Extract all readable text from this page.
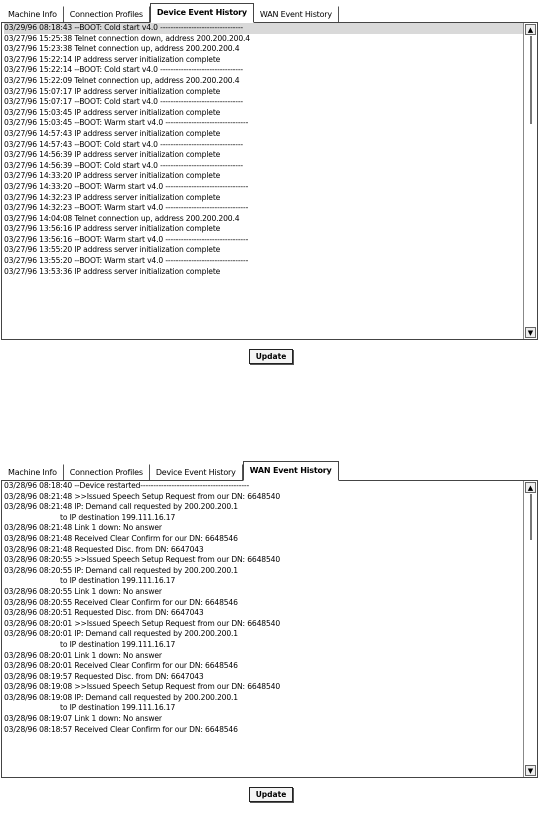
Machine Info	Connection Profiles	Device Event History	WAN Event History
03/29/96 08:18:43 --BOOT: Cold start v4.0 --------------------------------
03/27/96 15:25:38 Telnet connection down, address 200.200.200.4
03/27/96 15:23:38 Telnet connection up, address 200.200.200.4
03/27/96 15:22:14 IP address server initialization complete
03/27/96 15:22:14 --BOOT: Cold start v4.0 --------------------------------
03/27/96 15:22:09 Telnet connection up, address 200.200.200.4
03/27/96 15:07:17 IP address server initialization complete
03/27/96 15:07:17 --BOOT: Cold start v4.0 --------------------------------
03/27/96 15:03:45 IP address server initialization complete
03/27/96 15:03:45 --BOOT: Warm start v4.0 --------------------------------
03/27/96 14:57:43 IP address server initialization complete
03/27/96 14:57:43 --BOOT: Cold start v4.0 --------------------------------
03/27/96 14:56:39 IP address server initialization complete
03/27/96 14:56:39 --BOOT: Cold start v4.0 --------------------------------
03/27/96 14:33:20 IP address server initialization complete
03/27/96 14:33:20 --BOOT: Warm start v4.0 --------------------------------
03/27/96 14:32:23 IP address server initialization complete
03/27/96 14:32:23 --BOOT: Warm start v4.0 --------------------------------
03/27/96 14:04:08 Telnet connection up, address 200.200.200.4
03/27/96 13:56:16 IP address server initialization complete
03/27/96 13:56:16 --BOOT: Warm start v4.0 --------------------------------
03/27/96 13:55:20 IP address server initialization complete
03/27/96 13:55:20 --BOOT: Warm start v4.0 --------------------------------
03/27/96 13:53:36 IP address server initialization complete
▲
▼
Update
Machine Info	Connection Profiles	Device Event History	WAN Event History
03/28/96 08:18:40 --Device restarted------------------------------------------
03/28/96 08:21:48 >>Issued Speech Setup Request from our DN: 6648540
03/28/96 08:21:48 IP: Demand call requested by 200.200.200.1
to IP destination 199.111.16.17
03/28/96 08:21:48 Link 1 down: No answer
03/28/96 08:21:48 Received Clear Confirm for our DN: 6648546
03/28/96 08:21:48 Requested Disc. from DN: 6647043
03/28/96 08:20:55 >>Issued Speech Setup Request from our DN: 6648540
03/28/96 08:20:55 IP: Demand call requested by 200.200.200.1
to IP destination 199.111.16.17
03/28/96 08:20:55 Link 1 down: No answer
03/28/96 08:20:55 Received Clear Confirm for our DN: 6648546
03/28/96 08:20:51 Requested Disc. from DN: 6647043
03/28/96 08:20:01 >>Issued Speech Setup Request from our DN: 6648540
03/28/96 08:20:01 IP: Demand call requested by 200.200.200.1
to IP destination 199.111.16.17
03/28/96 08:20:01 Link 1 down: No answer
03/28/96 08:20:01 Received Clear Confirm for our DN: 6648546
03/28/96 08:19:57 Requested Disc. from DN: 6647043
03/28/96 08:19:08 >>Issued Speech Setup Request from our DN: 6648540
03/28/96 08:19:08 IP: Demand call requested by 200.200.200.1
to IP destination 199.111.16.17
03/28/96 08:19:07 Link 1 down: No answer
03/28/96 08:18:57 Received Clear Confirm for our DN: 6648546
▲
▼
Update
